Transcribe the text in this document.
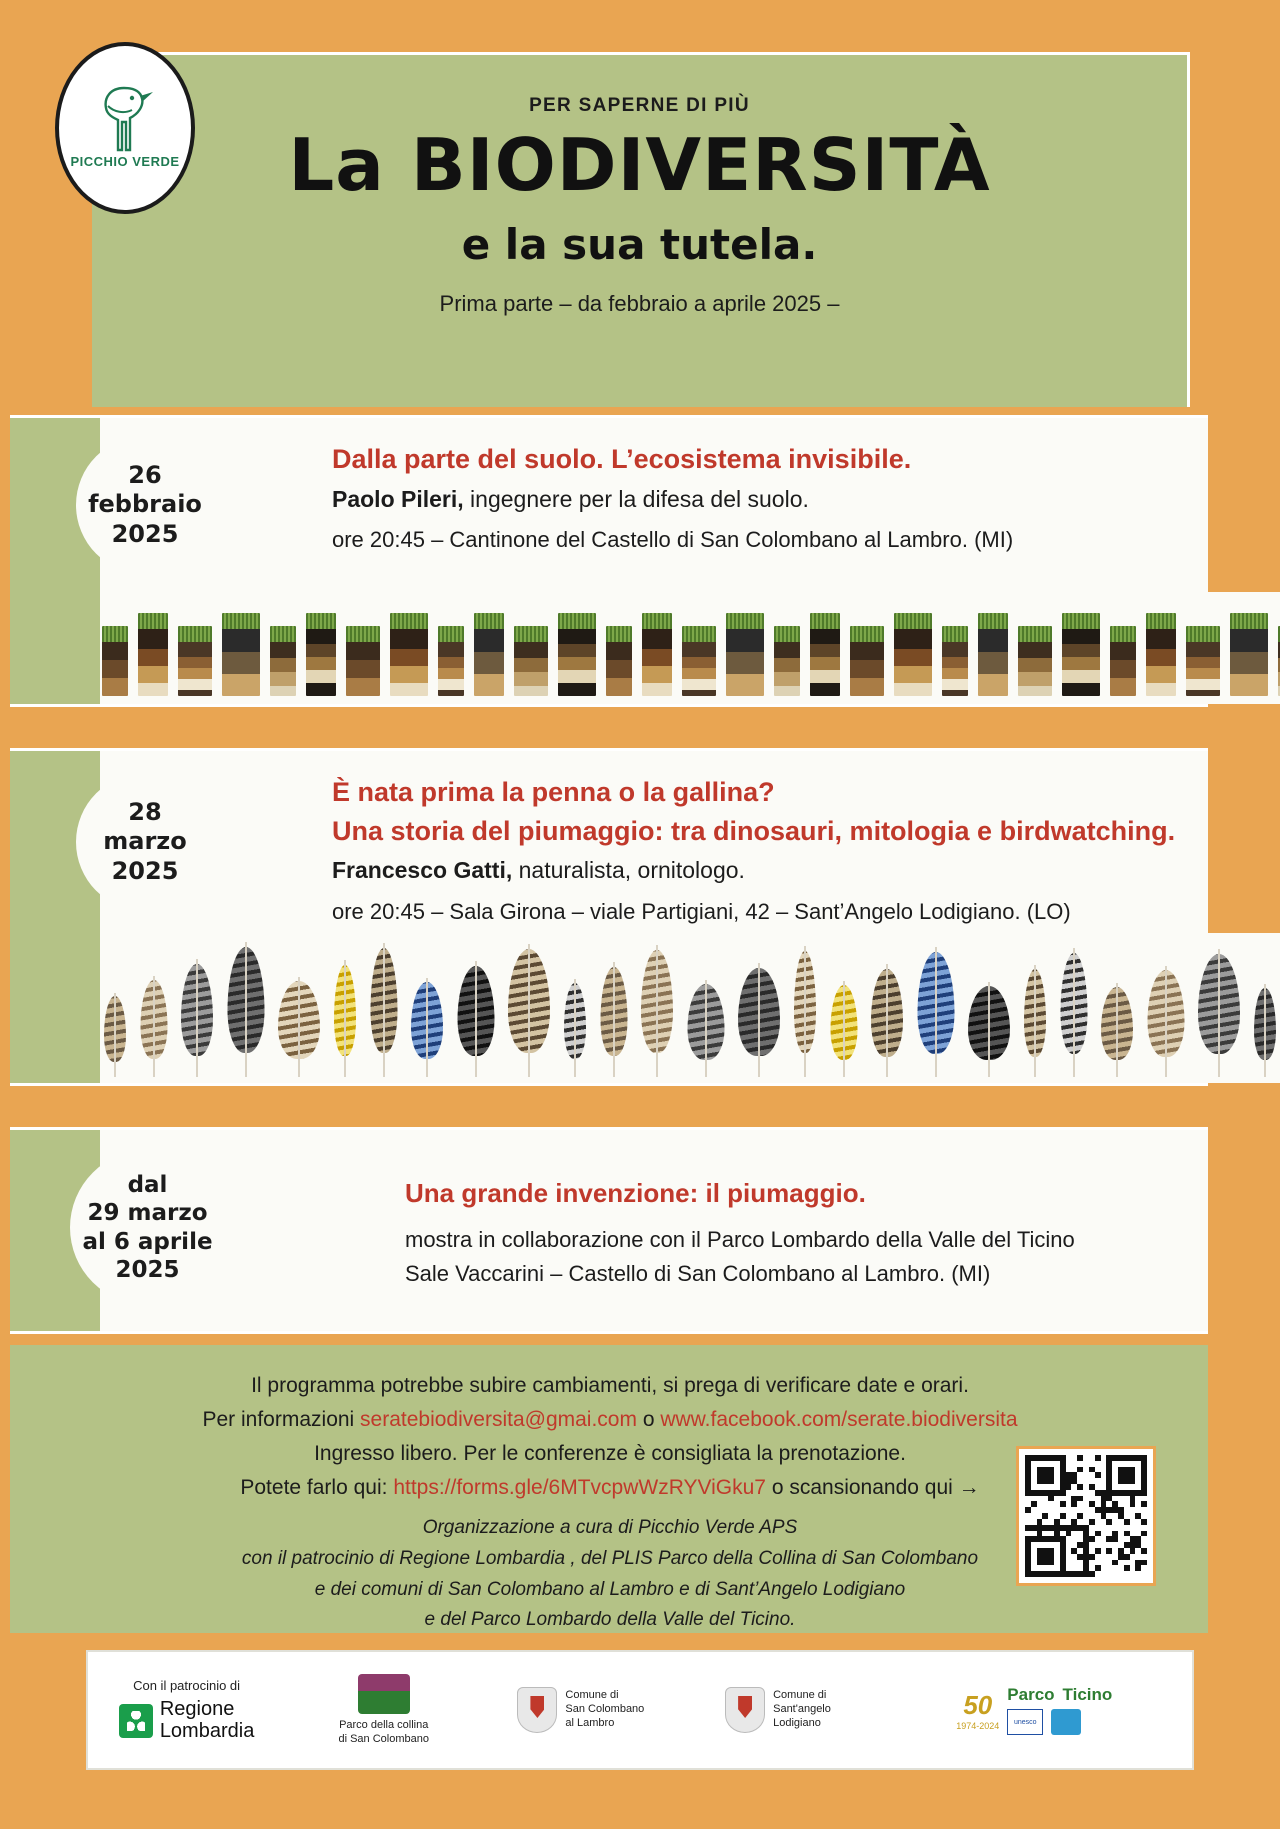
PER SAPERNE DI PIÙ
La BIODIVERSITÀ
e la sua tutela.
Prima parte – da febbraio a aprile 2025 –
PICCHIO VERDE
Dalla parte del suolo. L’ecosistema invisibile.
Paolo Pileri, ingegnere per la difesa del suolo.
ore 20:45 – Cantinone del Castello di San Colombano al Lambro. (MI)
26
febbraio
2025
È nata prima la penna o la gallina?
Una storia del piumaggio: tra dinosauri, mitologia e birdwatching.
Francesco Gatti, naturalista, ornitologo.
ore 20:45 – Sala Girona – viale Partigiani, 42 – Sant’Angelo Lodigiano. (LO)
28
marzo
2025
Una grande invenzione: il piumaggio.
mostra in collaborazione con il Parco Lombardo della Valle del Ticino
Sale Vaccarini – Castello di San Colombano al Lambro. (MI)
dal
29 marzo
al 6 aprile
2025
Il programma potrebbe subire cambiamenti, si prega di verificare date e orari.
Per informazioni seratebiodiversita@gmai.com o www.facebook.com/serate.biodiversita
Ingresso libero. Per le conferenze è consigliata la prenotazione.
Potete farlo qui: https://forms.gle/6MTvcpwWzRYViGku7 o scansionando qui →
Organizzazione a cura di Picchio Verde APS
con il patrocinio di Regione Lombardia , del PLIS Parco della Collina di San Colombano
e dei comuni di San Colombano al Lambro e di Sant’Angelo Lodigiano
e del Parco Lombardo della Valle del Ticino.
Con il patrocinio di
Regione
Lombardia	Parco della collina
di San Colombano
Comune di
San Colombano
al Lambro
Comune di
Sant'angelo
Lodigiano
50
1974-2024
Parco Ticino
unesco
